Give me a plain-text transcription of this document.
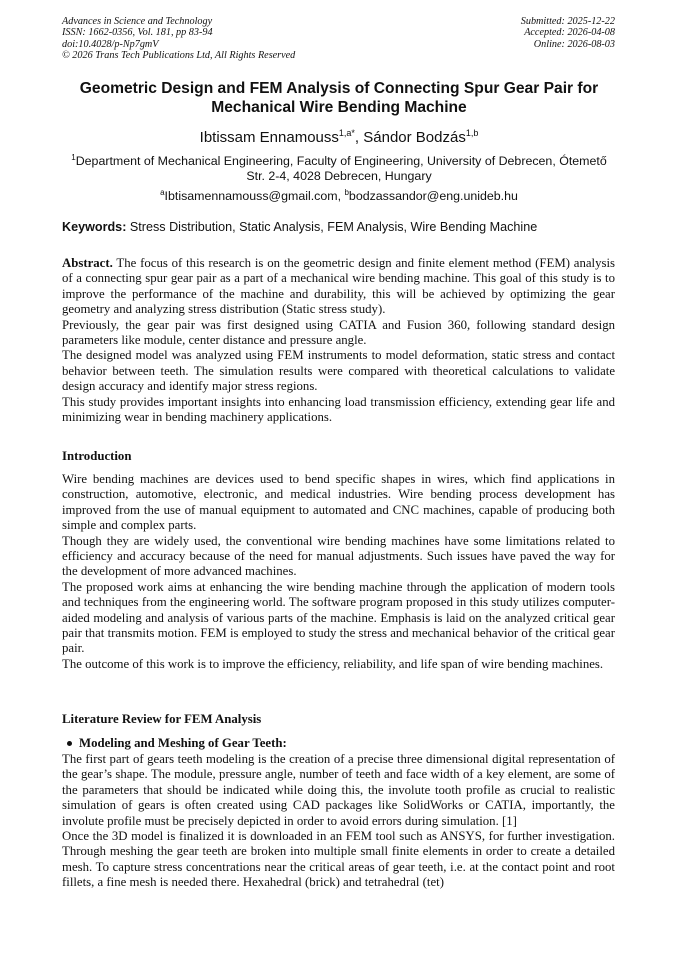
Advances in Science and Technology
ISSN: 1662-0356, Vol. 181, pp 83-94
doi:10.4028/p-Np7gmV
© 2026 Trans Tech Publications Ltd, All Rights Reserved
Submitted: 2025-12-22
Accepted: 2026-04-08
Online: 2026-08-03
Geometric Design and FEM Analysis of Connecting Spur Gear Pair for Mechanical Wire Bending Machine
Ibtissam Ennamouss$^{1,a*}$, Sándor Bodzás$^{1,b}$
$^1$Department of Mechanical Engineering, Faculty of Engineering, University of Debrecen, Ótemető Str. 2-4, 4028 Debrecen, Hungary
$^a$Ibtisamennamouss@gmail.com, $^b$bodzassandor@eng.unideb.hu
Keywords: Stress Distribution, Static Analysis, FEM Analysis, Wire Bending Machine

Abstract. The focus of this research is on the geometric design and finite element method (FEM) analysis of a connecting spur gear pair as a part of a mechanical wire bending machine. This goal of this study is to improve the performance of the machine and durability, this will be achieved by optimizing the gear geometry and analyzing stress distribution (Static stress study).

Previously, the gear pair was first designed using CATIA and Fusion 360, following standard design parameters like module, center distance and pressure angle.

The designed model was analyzed using FEM instruments to model deformation, static stress and contact behavior between teeth. The simulation results were compared with theoretical calculations to validate design accuracy and identify major stress regions.

This study provides important insights into enhancing load transmission efficiency, extending gear life and minimizing wear in bending machinery applications.

Introduction

Wire bending machines are devices used to bend specific shapes in wires, which find applications in construction, automotive, electronic, and medical industries. Wire bending process development has improved from the use of manual equipment to automated and CNC machines, capable of producing both simple and complex parts.

Though they are widely used, the conventional wire bending machines have some limitations related to efficiency and accuracy because of the need for manual adjustments. Such issues have paved the way for the development of more advanced machines.

The proposed work aims at enhancing the wire bending machine through the application of modern tools and techniques from the engineering world. The software program proposed in this study utilizes computer-aided modeling and analysis of various parts of the machine. Emphasis is laid on the analyzed critical gear pair that transmits motion. FEM is employed to study the stress and mechanical behavior of the critical gear pair.

The outcome of this work is to improve the efficiency, reliability, and life span of wire bending machines.

Literature Review for FEM Analysis
Modeling and Meshing of Gear Teeth:

The first part of gears teeth modeling is the creation of a precise three dimensional digital representation of the gear’s shape. The module, pressure angle, number of teeth and face width of a key element, are some of the parameters that should be indicated while doing this, the involute tooth profile as crucial to realistic simulation of gears is often created using CAD packages like SolidWorks or CATIA, importantly, the involute profile must be precisely depicted in order to avoid errors during simulation. [1]

Once the 3D model is finalized it is downloaded in an FEM tool such as ANSYS, for further investigation. Through meshing the gear teeth are broken into multiple small finite elements in order to create a detailed mesh. To capture stress concentrations near the critical areas of gear teeth, i.e. at the contact point and root fillets, a fine mesh is needed there. Hexahedral (brick) and tetrahedral (tet)
